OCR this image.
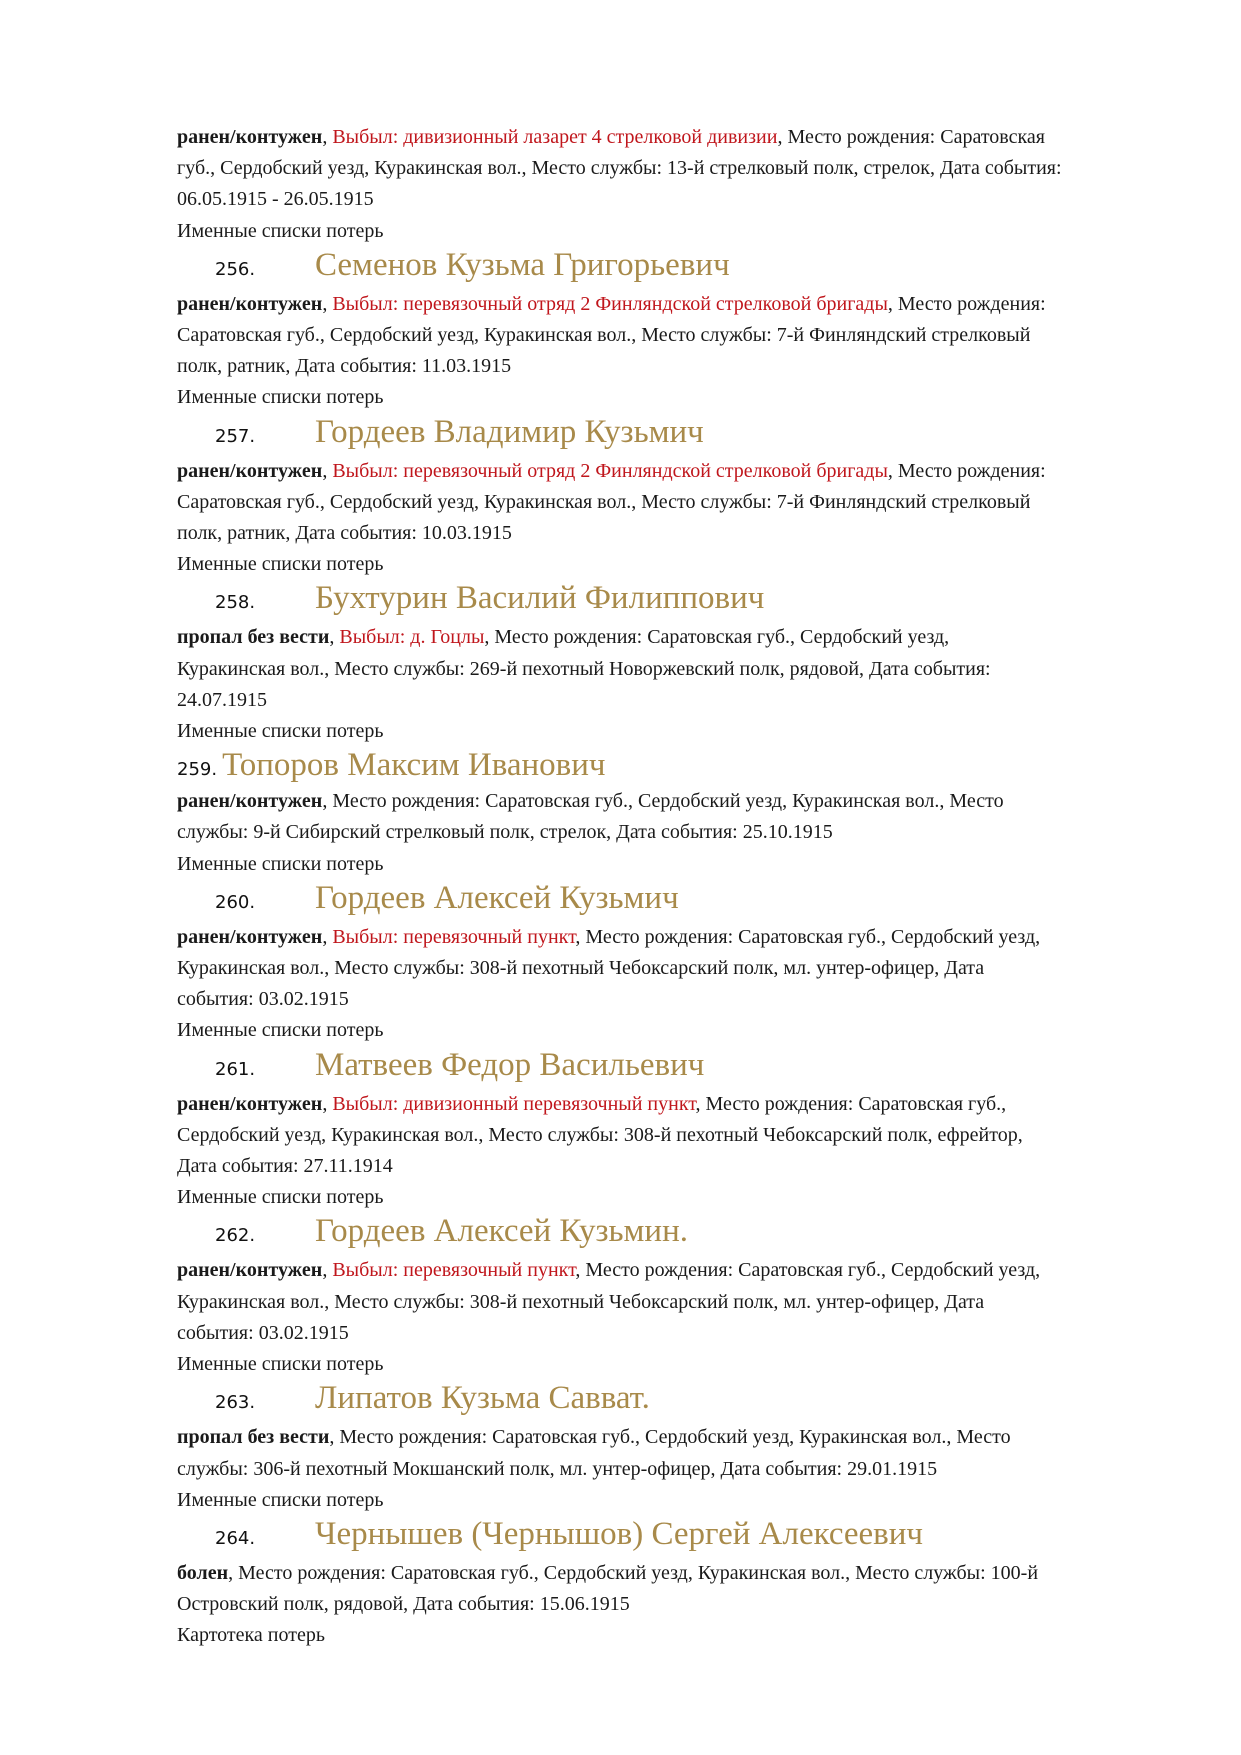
ранен/контужен, Выбыл: дивизионный лазарет 4 стрелковой дивизии, Место рождения: Саратовская
губ., Сердобский уезд, Куракинская вол., Место службы: 13-й стрелковый полк, стрелок, Дата события:
06.05.1915 - 26.05.1915

Именные списки потерь

256. Семенов Кузьма Григорьевич

ранен/контужен, Выбыл: перевязочный отряд 2 Финляндской стрелковой бригады, Место рождения:
Саратовская губ., Сердобский уезд, Куракинская вол., Место службы: 7-й Финляндский стрелковый
полк, ратник, Дата события: 11.03.1915

Именные списки потерь

257. Гордеев Владимир Кузьмич

ранен/контужен, Выбыл: перевязочный отряд 2 Финляндской стрелковой бригады, Место рождения:
Саратовская губ., Сердобский уезд, Куракинская вол., Место службы: 7-й Финляндский стрелковый
полк, ратник, Дата события: 10.03.1915

Именные списки потерь

258. Бухтурин Василий Филиппович

пропал без вести, Выбыл: д. Гоцлы, Место рождения: Саратовская губ., Сердобский уезд,
Куракинская вол., Место службы: 269-й пехотный Новоржевский полк, рядовой, Дата события:
24.07.1915

Именные списки потерь

259. Топоров Максим Иванович

ранен/контужен, Место рождения: Саратовская губ., Сердобский уезд, Куракинская вол., Место
службы: 9-й Сибирский стрелковый полк, стрелок, Дата события: 25.10.1915

Именные списки потерь

260. Гордеев Алексей Кузьмич

ранен/контужен, Выбыл: перевязочный пункт, Место рождения: Саратовская губ., Сердобский уезд,
Куракинская вол., Место службы: 308-й пехотный Чебоксарский полк, мл. унтер-офицер, Дата
события: 03.02.1915

Именные списки потерь

261. Матвеев Федор Васильевич

ранен/контужен, Выбыл: дивизионный перевязочный пункт, Место рождения: Саратовская губ.,
Сердобский уезд, Куракинская вол., Место службы: 308-й пехотный Чебоксарский полк, ефрейтор,
Дата события: 27.11.1914

Именные списки потерь

262. Гордеев Алексей Кузьмин.

ранен/контужен, Выбыл: перевязочный пункт, Место рождения: Саратовская губ., Сердобский уезд,
Куракинская вол., Место службы: 308-й пехотный Чебоксарский полк, мл. унтер-офицер, Дата
события: 03.02.1915

Именные списки потерь

263. Липатов Кузьма Савват.

пропал без вести, Место рождения: Саратовская губ., Сердобский уезд, Куракинская вол., Место
службы: 306-й пехотный Мокшанский полк, мл. унтер-офицер, Дата события: 29.01.1915

Именные списки потерь

264. Чернышев (Чернышов) Сергей Алексеевич

болен, Место рождения: Саратовская губ., Сердобский уезд, Куракинская вол., Место службы: 100-й
Островский полк, рядовой, Дата события: 15.06.1915

Картотека потерь
